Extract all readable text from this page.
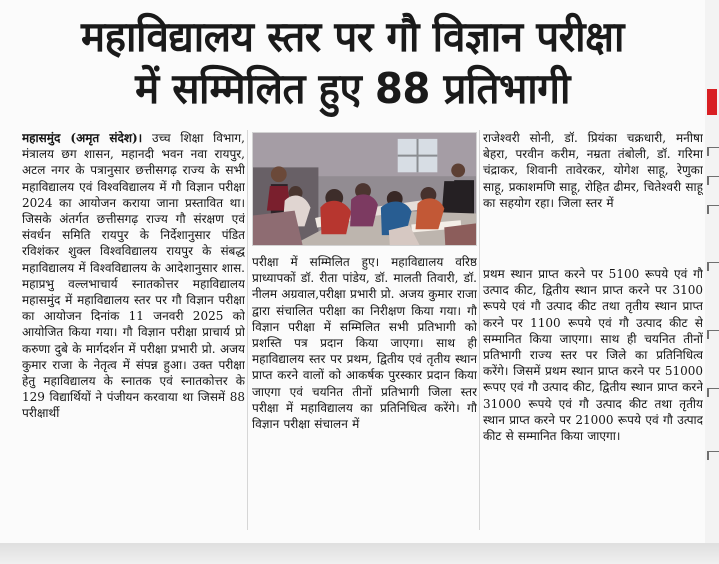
महाविद्यालय स्तर पर गौ विज्ञान परीक्षा
में सम्मिलित हुए 88 प्रतिभागी
महासमुंद (अमृत संदेश)। उच्च शिक्षा विभाग, मंत्रालय छग शासन, महानदी भवन नवा रायपुर, अटल नगर के पत्रानुसार छत्तीसगढ़ राज्य के सभी महाविद्यालय एवं विश्वविद्यालय में गौ विज्ञान परीक्षा 2024 का आयोजन कराया जाना प्रस्तावित था। जिसके अंतर्गत छत्तीसगढ़ राज्य गौ संरक्षण एवं संवर्धन समिति रायपुर के निर्देशानुसार पंडित रविशंकर शुक्ल विश्वविद्यालय रायपुर के संबद्ध महाविद्यालय में विश्वविद्यालय के आदेशानुसार शास. महाप्रभु वल्लभाचार्य स्नातकोत्तर महाविद्यालय महासमुंद में महाविद्यालय स्तर पर गौ विज्ञान परीक्षा का आयोजन दिनांक 11 जनवरी 2025 को आयोजित किया गया। गौ विज्ञान परीक्षा प्राचार्य प्रो करुणा दुबे के मार्गदर्शन में परीक्षा प्रभारी प्रो. अजय कुमार राजा के नेतृत्व में संपन्न हुआ। उक्त परीक्षा हेतु महाविद्यालय के स्नातक एवं स्नातकोत्तर के 129 विद्यार्थियों ने पंजीयन करवाया था जिसमें 88 परीक्षार्थी
परीक्षा में सम्मिलित हुए। महाविद्यालय वरिष्ठ प्राध्यापकों डॉ. रीता पांडेय, डॉ. मालती तिवारी, डॉ. नीलम अग्रवाल,परीक्षा प्रभारी प्रो. अजय कुमार राजा द्वारा संचालित परीक्षा का निरीक्षण किया गया। गौ विज्ञान परीक्षा में सम्मिलित सभी प्रतिभागी को प्रशस्ति पत्र प्रदान किया जाएगा। साथ ही महाविद्यालय स्तर पर प्रथम, द्वितीय एवं तृतीय स्थान प्राप्त करने वालों को आकर्षक पुरस्कार प्रदान किया जाएगा एवं चयनित तीनों प्रतिभागी जिला स्तर परीक्षा में महाविद्यालय का प्रतिनिधित्व करेंगे। गौ विज्ञान परीक्षा संचालन में
राजेश्वरी सोनी, डॉ. प्रियंका चक्रधारी, मनीषा बेहरा, परवीन करीम, नम्रता तंबोली, डॉ. गरिमा चंद्राकर, शिवानी तावेरकर, योगेश साहू, रेणुका साहू, प्रकाशमणि साहू, रोहित ढीमर, चितेश्वरी साहू का सहयोग रहा। जिला स्तर में
प्रथम स्थान प्राप्त करने पर 5100 रूपये एवं गौ उत्पाद कीट, द्वितीय स्थान प्राप्त करने पर 3100 रूपये एवं गौ उत्पाद कीट तथा तृतीय स्थान प्राप्त करने पर 1100 रूपये एवं गौ उत्पाद कीट से सम्मानित किया जाएगा। साथ ही चयनित तीनों प्रतिभागी राज्य स्तर पर जिले का प्रतिनिधित्व करेंगे। जिसमें प्रथम स्थान प्राप्त करने पर 51000 रूपए एवं गौ उत्पाद कीट, द्वितीय स्थान प्राप्त करने 31000 रूपये एवं गौ उत्पाद कीट तथा तृतीय स्थान प्राप्त करने पर 21000 रूपये एवं गौ उत्पाद कीट से सम्मानित किया जाएगा।
